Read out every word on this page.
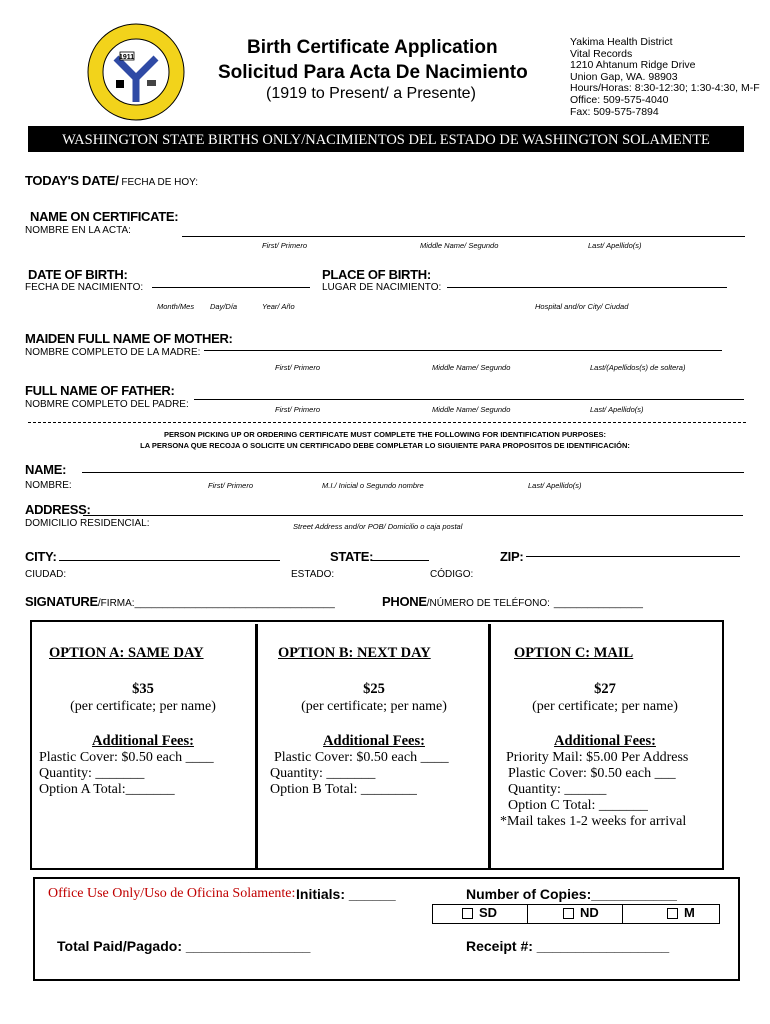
1911	Birth Certificate Application
Solicitud Para Acta De Nacimiento
(1919 to Present/ a Presente)
Yakima Health District
Vital Records
1210 Ahtanum Ridge Drive
Union Gap, WA. 98903
Hours/Horas: 8:30-12:30; 1:30-4:30, M-F
Office: 509-575-4040
Fax: 509-575-7894
WASHINGTON STATE BIRTHS ONLY/NACIMIENTOS DEL ESTADO DE WASHINGTON SOLAMENTE
TODAY'S DATE/ FECHA DE HOY:
NAME ON CERTIFICATE:
NOMBRE EN LA ACTA:
First/ Primero	Middle Name/ Segundo	Last/ Apellido(s)
DATE OF BIRTH:
FECHA DE NACIMIENTO:
Month/Mes Day/Día	Year/ Año
PLACE OF BIRTH:
LUGAR DE NACIMIENTO:
Hospital and/or City/ Ciudad
MAIDEN FULL NAME OF MOTHER:
NOMBRE COMPLETO DE LA MADRE:
First/ Primero	Middle Name/ Segundo	Last/(Apellidos(s) de soltera)
FULL NAME OF FATHER:
NOBMRE COMPLETO DEL PADRE:	First/ Primero	Middle Name/ Segundo	Last/ Apellido(s)
PERSON PICKING UP OR ORDERING CERTIFICATE MUST COMPLETE THE FOLLOWING FOR IDENTIFICATION PURPOSES:
LA PERSONA QUE RECOJA O SOLICITE UN CERTIFICADO DEBE COMPLETAR LO SIGUIENTE PARA PROPOSITOS DE IDENTIFICACIÓN:
NAME:
NOMBRE:	First/ Primero	M.I./ Inicial o Segundo nombre	Last/ Apellido(s)
ADDRESS:
DOMICILIO RESIDENCIAL:	Street Address and/or POB/ Domicilio o caja postal
CITY:
CIUDAD:
STATE:
ESTADO:
ZIP:
CÓDIGO:
SIGNATURE/FIRMA:____________________________________	PHONE/NÚMERO DE TELÉFONO: ________________
OPTION A: SAME DAY
$35
(per certificate; per name)
Additional Fees:
Plastic Cover: $0.50 each ____
Quantity: _______
Option A Total:_______
OPTION B: NEXT DAY
$25
(per certificate; per name)
Additional Fees:
Plastic Cover: $0.50 each ____
Quantity: _______
Option B Total: ________
OPTION C: MAIL
$27
(per certificate; per name)
Additional Fees:
Priority Mail: $5.00 Per Address
Plastic Cover: $0.50 each ___
Quantity: ______
Option C Total: _______
*Mail takes 1-2 weeks for arrival
Office Use Only/Uso de Oficina Solamente: Initials: ______	Number of Copies:___________
SD	ND	M
Total Paid/Pagado: ________________	Receipt #: _________________
